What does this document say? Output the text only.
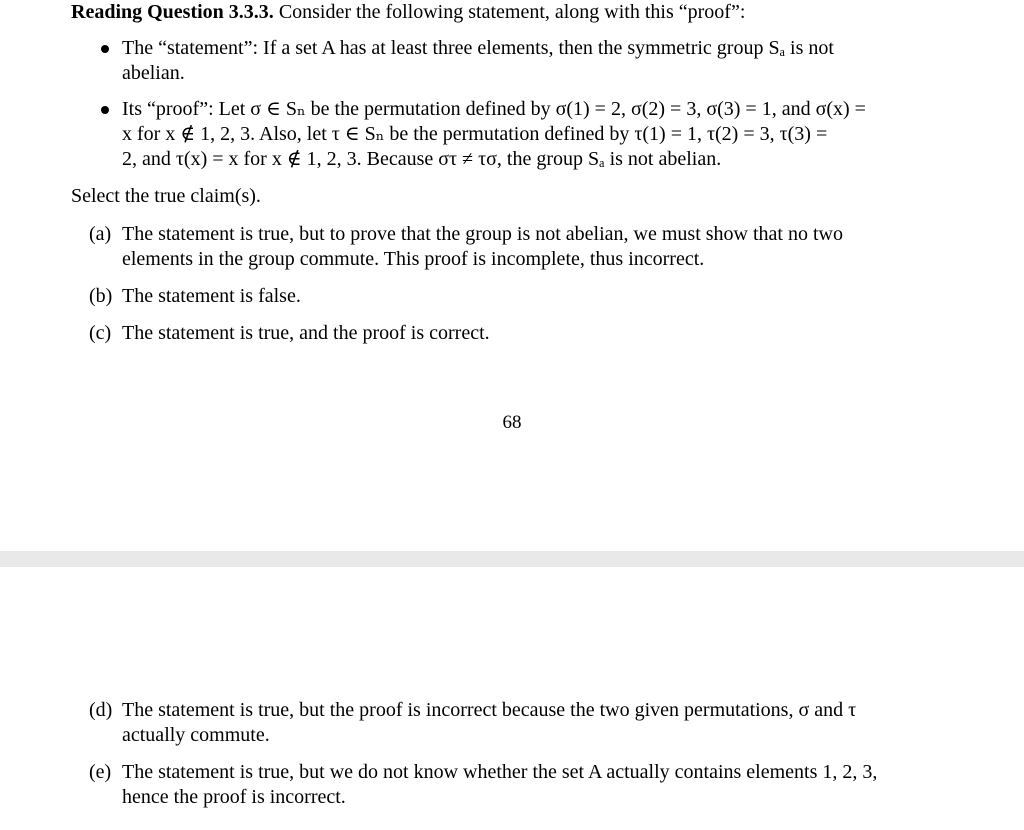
Reading Question 3.3.3. Consider the following statement, along with this “proof”:
The “statement”: If a set A has at least three elements, then the symmetric group Sₐ is not
abelian.
Its “proof”: Let σ ∈ Sₙ be the permutation defined by σ(1) = 2, σ(2) = 3, σ(3) = 1, and σ(x) =
x for x ∉ 1, 2, 3. Also, let τ ∈ Sₙ be the permutation defined by τ(1) = 1, τ(2) = 3, τ(3) =
2, and τ(x) = x for x ∉ 1, 2, 3. Because στ ≠ τσ, the group Sₐ is not abelian.
Select the true claim(s).
(a) The statement is true, but to prove that the group is not abelian, we must show that no two
elements in the group commute. This proof is incomplete, thus incorrect.
(b) The statement is false.
(c) The statement is true, and the proof is correct.
68
(d) The statement is true, but the proof is incorrect because the two given permutations, σ and τ
actually commute.
(e) The statement is true, but we do not know whether the set A actually contains elements 1, 2, 3,
hence the proof is incorrect.
